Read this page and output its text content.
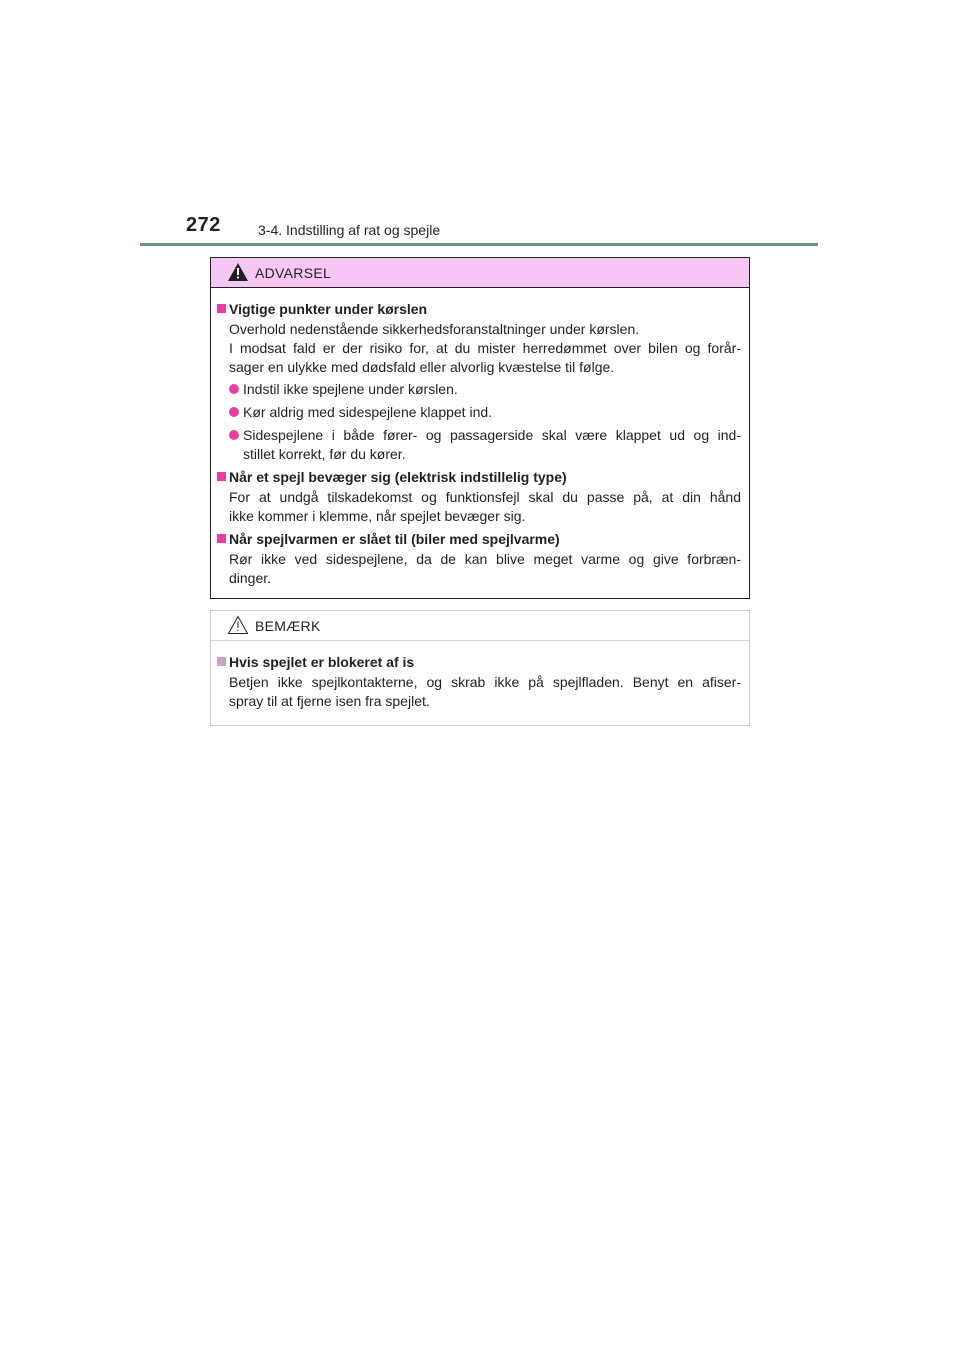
272	3-4. Indstilling af rat og spejle
ADVARSEL
Vigtige punkter under kørslen
Overhold nedenstående sikkerhedsforanstaltninger under kørslen.
I modsat fald er der risiko for, at du mister herredømmet over bilen og forår-
sager en ulykke med dødsfald eller alvorlig kvæstelse til følge.
Indstil ikke spejlene under kørslen.
Kør aldrig med sidespejlene klappet ind.
Sidespejlene i både fører- og passagerside skal være klappet ud og ind-
stillet korrekt, før du kører.
Når et spejl bevæger sig (elektrisk indstillelig type)
For at undgå tilskadekomst og funktionsfejl skal du passe på, at din hånd
ikke kommer i klemme, når spejlet bevæger sig.
Når spejlvarmen er slået til (biler med spejlvarme)
Rør ikke ved sidespejlene, da de kan blive meget varme og give forbræn-
dinger.
BEMÆRK
Hvis spejlet er blokeret af is
Betjen ikke spejlkontakterne, og skrab ikke på spejlfladen. Benyt en afiser-
spray til at fjerne isen fra spejlet.
